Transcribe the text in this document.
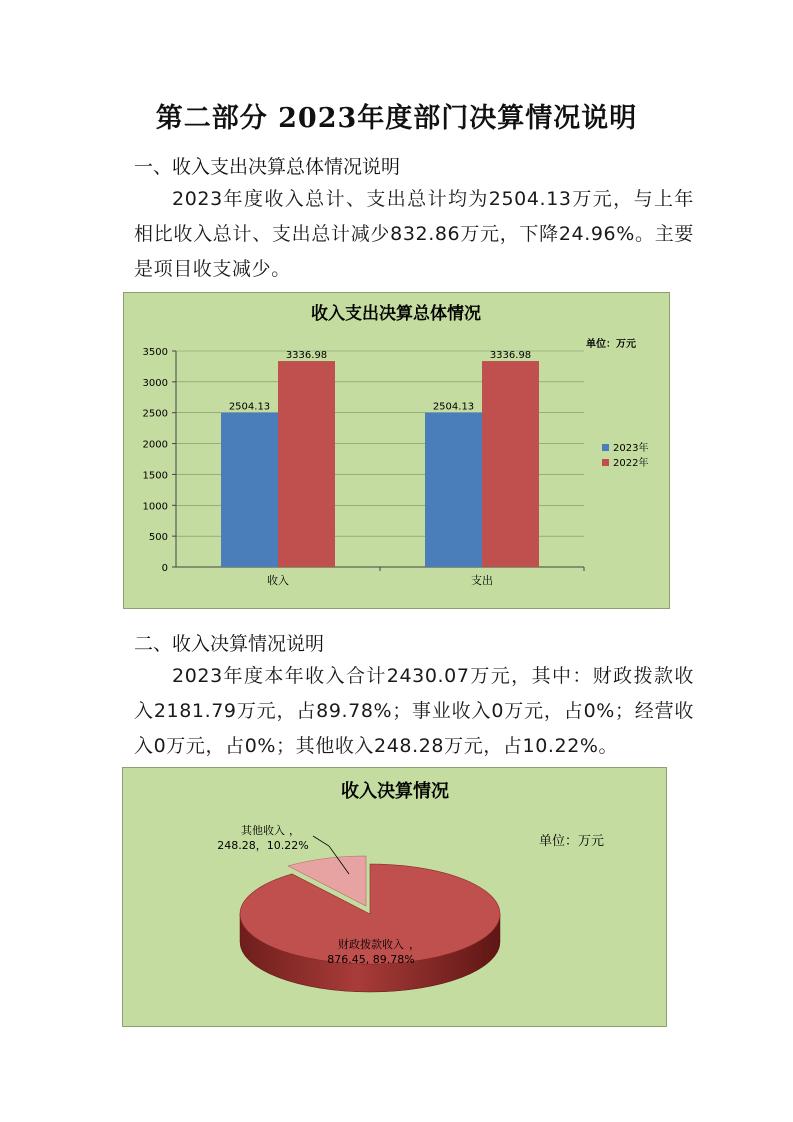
第二部分 2023年度部门决算情况说明
一、收入支出决算总体情况说明
2023年度收入总计、支出总计均为2504.13万元，与上年相比收入总计、支出总计减少832.86万元，下降24.96%。主要是项目收支减少。
收入支出决算总体情况
单位：万元
0
500
1000
1500
2000
2500
3000
3500
收入	支出
2504.13
3336.98
2504.13
3336.98
2023年
2022年
二、收入决算情况说明
2023年度本年收入合计2430.07万元，其中：财政拨款收入2181.79万元，占89.78%；事业收入0万元，占0%；经营收入0万元，占0%；其他收入248.28万元，占10.22%。
收入决算情况
单位：万元
财政拨款收入 ，
876.45, 89.78%
其他收入 ，
248.28，10.22%
